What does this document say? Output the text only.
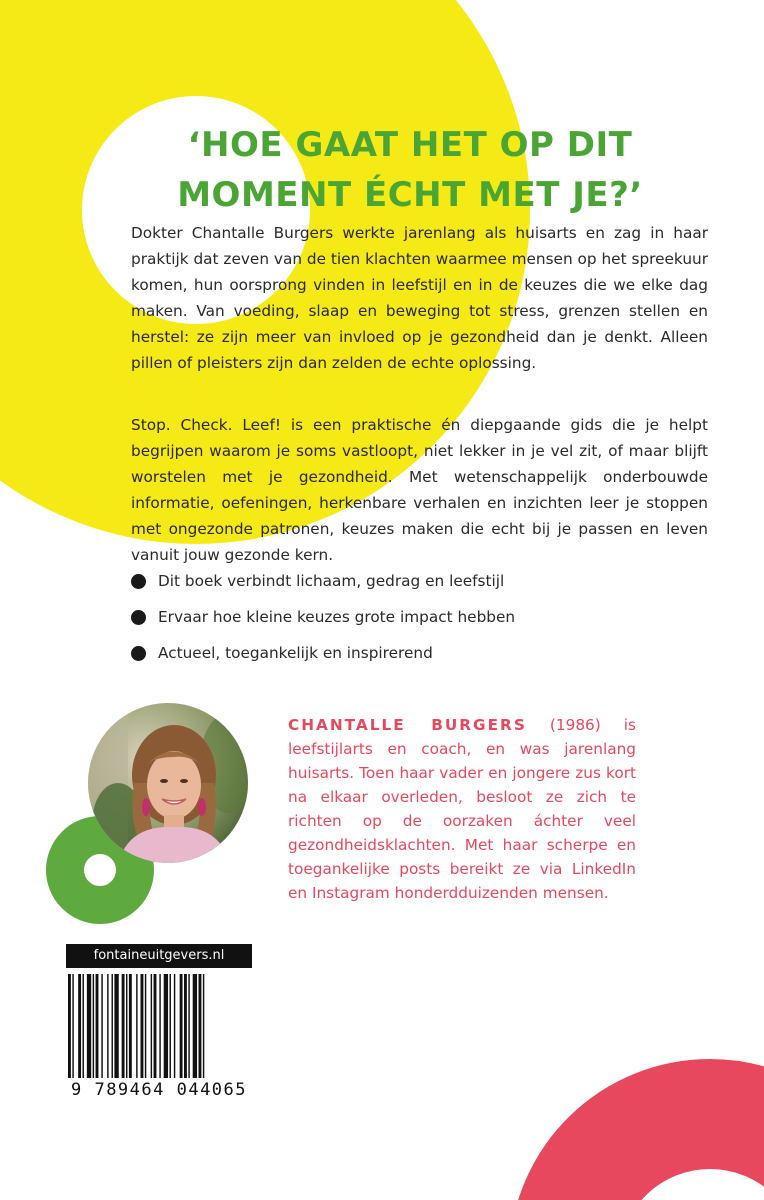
‘HOE GAAT HET OP DIT
MOMENT ÉCHT MET JE?’

Dokter Chantalle Burgers werkte jarenlang als huisarts en zag in haar praktijk dat zeven van de tien klachten waarmee mensen op het spreekuur komen, hun oorsprong vinden in leefstijl en in de keuzes die we elke dag maken. Van voeding, slaap en beweging tot stress, grenzen stellen en herstel: ze zijn meer van invloed op je gezondheid dan je denkt. Alleen pillen of pleisters zijn dan zelden de echte oplossing.

Stop. Check. Leef! is een praktische én diepgaande gids die je helpt begrijpen waarom je soms vastloopt, niet lekker in je vel zit, of maar blijft worstelen met je gezondheid. Met wetenschappelijk onderbouwde informatie, oefeningen, herkenbare verhalen en inzichten leer je stoppen met ongezonde patronen, keuzes maken die echt bij je passen en leven vanuit jouw gezonde kern.

Dit boek verbindt lichaam, gedrag en leefstijl
Ervaar hoe kleine keuzes grote impact hebben
Actueel, toegankelijk en inspirerend

CHANTALLE BURGERS (1986) is leefstijlarts en coach, en was jarenlang huisarts. Toen haar vader en jongere zus kort na elkaar overleden, besloot ze zich te richten op de oorzaken áchter veel gezondheidsklachten. Met haar scherpe en toegankelijke posts bereikt ze via LinkedIn en Instagram honderdduizenden mensen.

fontaineuitgevers.nl
9 789464 044065
